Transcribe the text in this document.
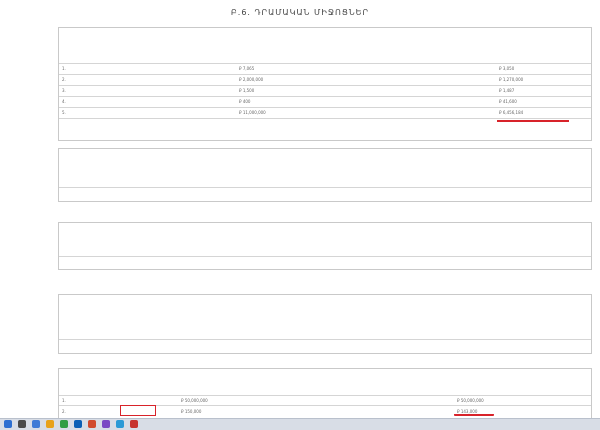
Բ.6. ԴՐԱՄԱԿԱՆ ՄԻՋՈՑՆԵՐ
1.
2.
3.
4.
5.
₽ 7,065
₽ 2,000,000
₽ 1,500
₽ 400
₽ 11,000,000
₽ 3,050
₽ 1,270,000
₽ 1,487
₽ 41,600
₽ 6,456,184
1.
2.
₽ 50,000,000
₽ 150,000
₽ 50,000,000
₽ 143,000
